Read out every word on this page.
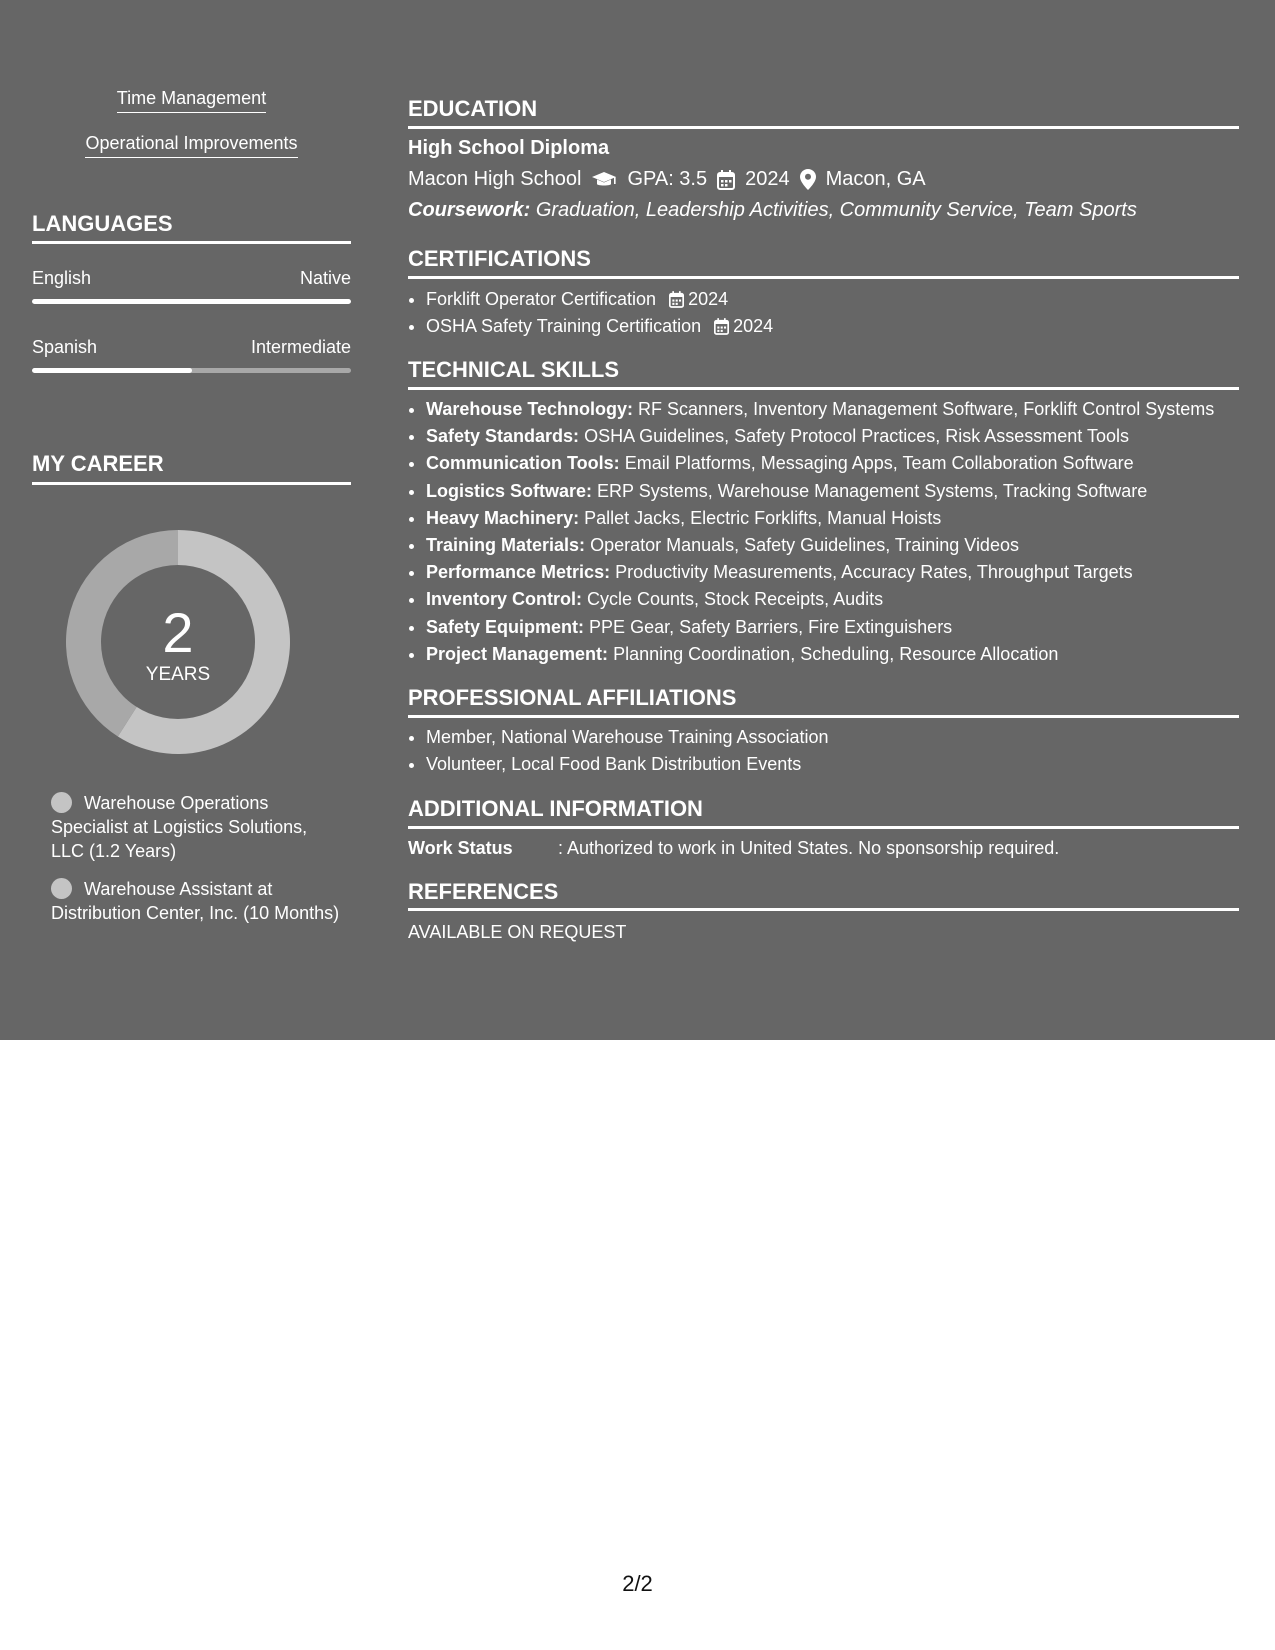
Time Management
Operational Improvements
LANGUAGES
English	Native
Spanish	Intermediate
MY CAREER
2
YEARS
Warehouse Operations Specialist at Logistics Solutions, LLC (1.2 Years)
Warehouse Assistant at Distribution Center, Inc. (10 Months)
EDUCATION
High School Diploma
Macon High School GPA: 3.5 2024 Macon, GA
Coursework: Graduation, Leadership Activities, Community Service, Team Sports
CERTIFICATIONS
• Forklift Operator Certification 2024
• OSHA Safety Training Certification 2024
TECHNICAL SKILLS
• Warehouse Technology: RF Scanners, Inventory Management Software, Forklift Control Systems
• Safety Standards: OSHA Guidelines, Safety Protocol Practices, Risk Assessment Tools
• Communication Tools: Email Platforms, Messaging Apps, Team Collaboration Software
• Logistics Software: ERP Systems, Warehouse Management Systems, Tracking Software
• Heavy Machinery: Pallet Jacks, Electric Forklifts, Manual Hoists
• Training Materials: Operator Manuals, Safety Guidelines, Training Videos
• Performance Metrics: Productivity Measurements, Accuracy Rates, Throughput Targets
• Inventory Control: Cycle Counts, Stock Receipts, Audits
• Safety Equipment: PPE Gear, Safety Barriers, Fire Extinguishers
• Project Management: Planning Coordination, Scheduling, Resource Allocation
PROFESSIONAL AFFILIATIONS
• Member, National Warehouse Training Association
• Volunteer, Local Food Bank Distribution Events
ADDITIONAL INFORMATION
Work Status	: Authorized to work in United States. No sponsorship required.
REFERENCES
AVAILABLE ON REQUEST
2/2
